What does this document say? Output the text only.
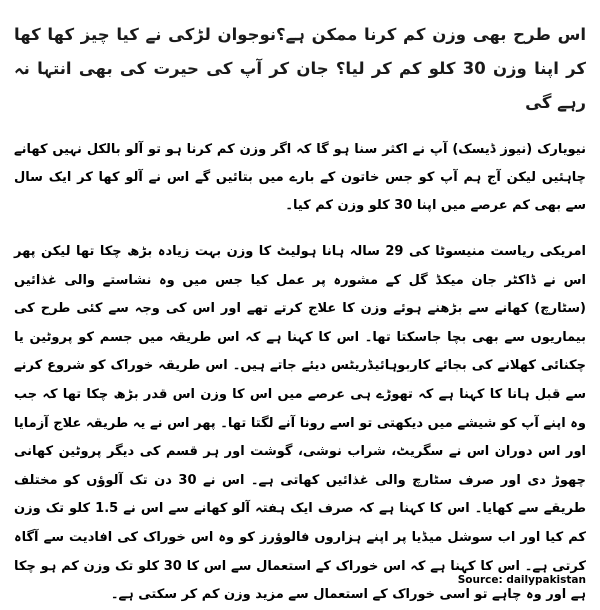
اس طرح بھی وزن کم کرنا ممکن ہے؟نوجوان لڑکی نے کیا چیز کھا کھا کر اپنا وزن 30 کلو کم کر لیا؟ جان کر آپ کی حیرت کی بھی انتہا نہ رہے گی

نیویارک (نیوز ڈیسک) آپ نے اکثر سنا ہو گا کہ اگر وزن کم کرنا ہو تو آلو بالکل نہیں کھانے چاہئیں لیکن آج ہم آپ کو جس خاتون کے بارے میں بتائیں گے اس نے آلو کھا کر ایک سال سے بھی کم عرصے میں اپنا 30 کلو وزن کم کیا۔

امریکی ریاست منیسوٹا کی 29 سالہ ہانا ہولیٹ کا وزن بہت زیادہ بڑھ چکا تھا لیکن پھر اس نے ڈاکٹر جان میکڈ گل کے مشورہ پر عمل کیا جس میں وہ نشاستے والی غذائیں (سٹارچ) کھانے سے بڑھنے ہوئے وزن کا علاج کرتے تھے اور اس کی وجہ سے کئی طرح کی بیماریوں سے بھی بچا جاسکتا تھا۔ اس کا کہنا ہے کہ اس طریقہ میں جسم کو پروٹین یا چکنائی کھلانے کی بجائے کاربوہائیڈریٹس دیئے جاتے ہیں۔ اس طریقہ خوراک کو شروع کرنے سے قبل ہانا کا کہنا ہے کہ تھوڑے ہی عرصے میں اس کا وزن اس قدر بڑھ چکا تھا کہ جب وہ اپنے آپ کو شیشے میں دیکھتی تو اسے رونا آنے لگتا تھا۔ پھر اس نے یہ طریقہ علاج آزمایا اور اس دوران اس نے سگریٹ، شراب نوشی، گوشت اور ہر قسم کی دیگر پروٹین کھانی چھوڑ دی اور صرف سٹارچ والی غذائیں کھاتی ہے۔ اس نے 30 دن تک آلوؤں کو مختلف طریقے سے کھایا۔ اس کا کہنا ہے کہ صرف ایک ہفتہ آلو کھانے سے اس نے 1.5 کلو تک وزن کم کیا اور اب سوشل میڈیا پر اپنے ہزاروں فالوؤرز کو وہ اس خوراک کی افادیت سے آگاہ کرتی ہے۔ اس کا کہنا ہے کہ اس خوراک کے استعمال سے اس کا 30 کلو تک وزن کم ہو چکا ہے اور وہ چاہے تو اسی خوراک کے استعمال سے مزید وزن کم کر سکتی ہے۔

Source: dailypakistan
